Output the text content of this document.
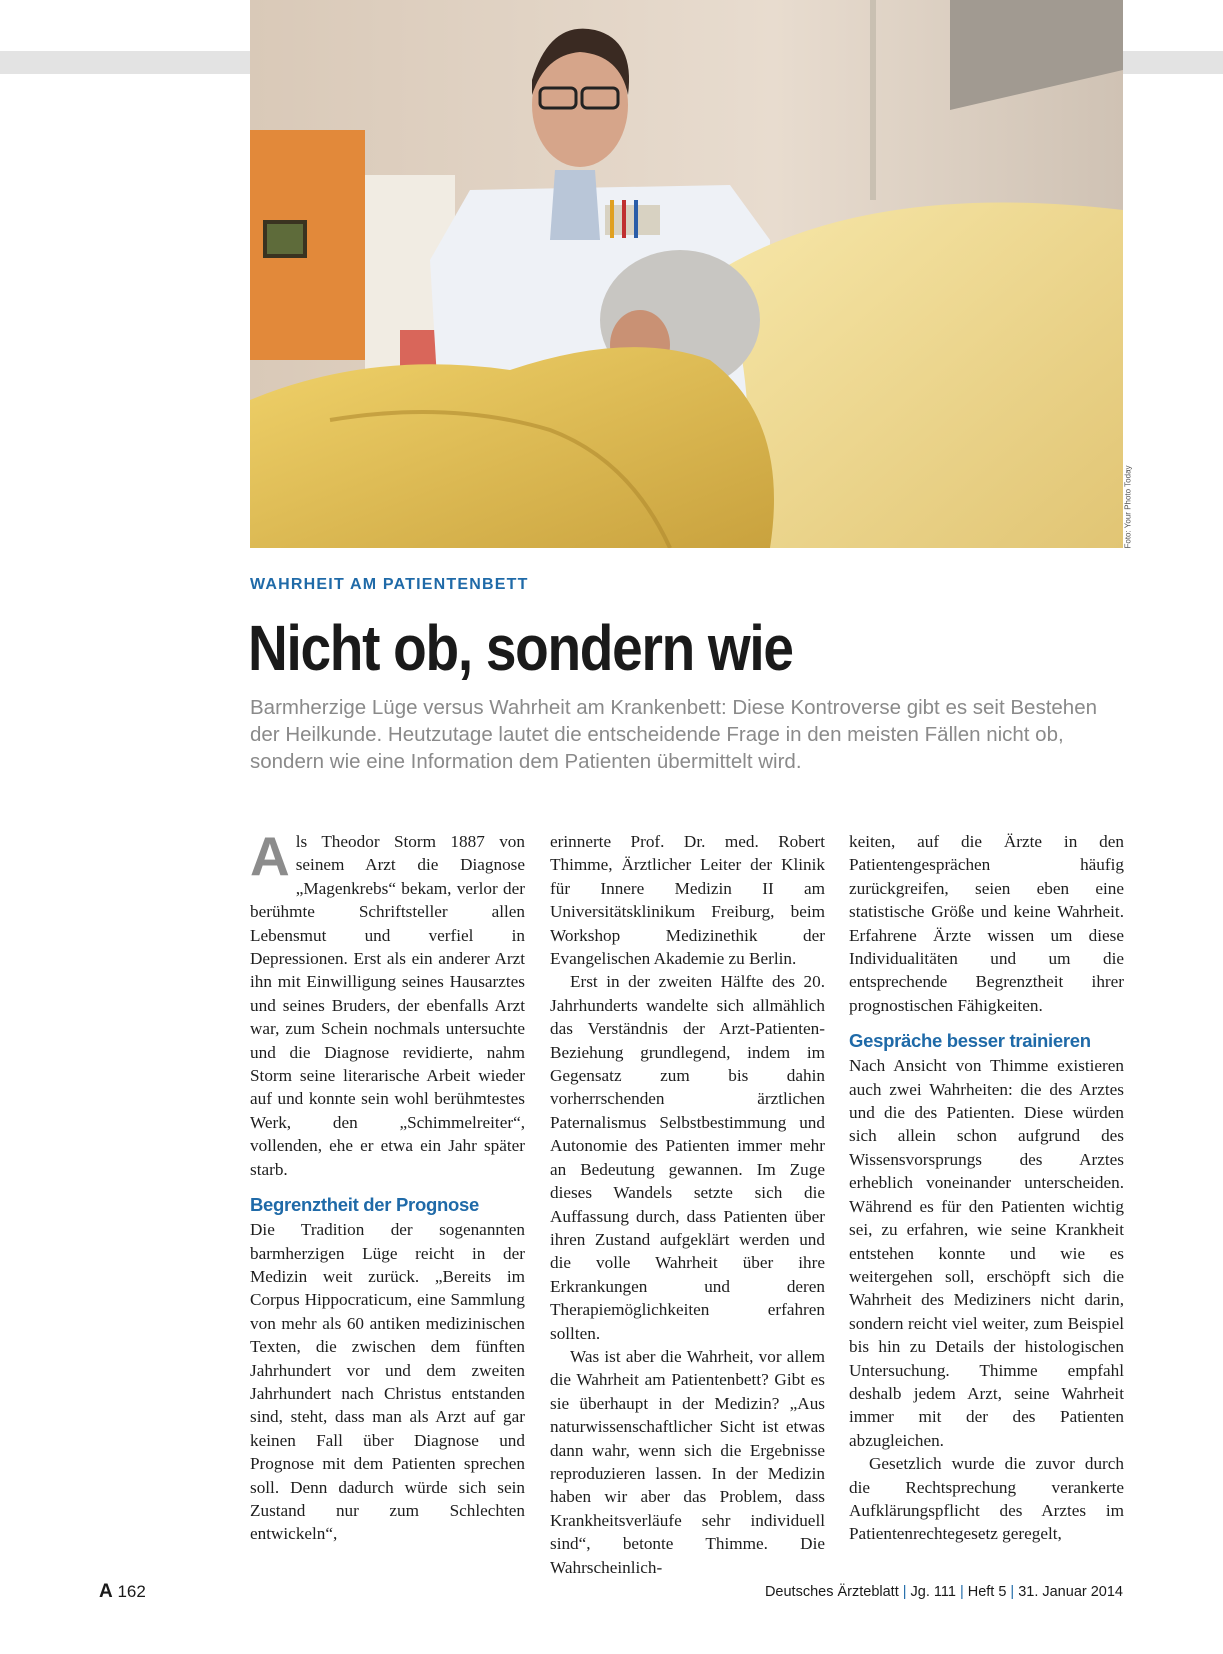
Foto: Your Photo Today
WAHRHEIT AM PATIENTENBETT
Nicht ob, sondern wie
Barmherzige Lüge versus Wahrheit am Krankenbett: Diese Kontroverse gibt es seit Bestehen der Heilkunde. Heutzutage lautet die entscheidende Frage in den meisten Fällen nicht ob, sondern wie eine Information dem Patienten übermittelt wird.

Als Theodor Storm 1887 von seinem Arzt die Diagnose „Magenkrebs“ bekam, verlor der berühmte Schriftsteller allen Lebensmut und verfiel in Depressionen. Erst als ein anderer Arzt ihn mit Einwilligung seines Hausarztes und seines Bruders, der ebenfalls Arzt war, zum Schein nochmals untersuchte und die Diagnose revidierte, nahm Storm seine literarische Arbeit wieder auf und konnte sein wohl berühmtestes Werk, den „Schimmelreiter“, vollenden, ehe er etwa ein Jahr später starb.

Begrenztheit der Prognose

Die Tradition der sogenannten barmherzigen Lüge reicht in der Medizin weit zurück. „Bereits im Corpus Hippocraticum, eine Sammlung von mehr als 60 antiken medizinischen Texten, die zwischen dem fünften Jahrhundert vor und dem zweiten Jahrhundert nach Christus entstanden sind, steht, dass man als Arzt auf gar keinen Fall über Diagnose und Prognose mit dem Patienten sprechen soll. Denn dadurch würde sich sein Zustand nur zum Schlechten entwickeln“,

erinnerte Prof. Dr. med. Robert Thimme, Ärztlicher Leiter der Klinik für Innere Medizin II am Universitätsklinikum Freiburg, beim Workshop Medizinethik der Evangelischen Akademie zu Berlin.

Erst in der zweiten Hälfte des 20. Jahrhunderts wandelte sich allmählich das Verständnis der Arzt-Patienten-Beziehung grundlegend, indem im Gegensatz zum bis dahin vorherrschenden ärztlichen Paternalismus Selbstbestimmung und Autonomie des Patienten immer mehr an Bedeutung gewannen. Im Zuge dieses Wandels setzte sich die Auffassung durch, dass Patienten über ihren Zustand aufgeklärt werden und die volle Wahrheit über ihre Erkrankungen und deren Therapiemöglichkeiten erfahren sollten.

Was ist aber die Wahrheit, vor allem die Wahrheit am Patientenbett? Gibt es sie überhaupt in der Medizin? „Aus naturwissenschaftlicher Sicht ist etwas dann wahr, wenn sich die Ergebnisse reproduzieren lassen. In der Medizin haben wir aber das Problem, dass Krankheitsverläufe sehr individuell sind“, betonte Thimme. Die Wahrscheinlich-

keiten, auf die Ärzte in den Patientengesprächen häufig zurückgreifen, seien eben eine statistische Größe und keine Wahrheit. Erfahrene Ärzte wissen um diese Individualitäten und um die entsprechende Begrenztheit ihrer prognostischen Fähigkeiten.

Gespräche besser trainieren

Nach Ansicht von Thimme existieren auch zwei Wahrheiten: die des Arztes und die des Patienten. Diese würden sich allein schon aufgrund des Wissensvorsprungs des Arztes erheblich voneinander unterscheiden. Während es für den Patienten wichtig sei, zu erfahren, wie seine Krankheit entstehen konnte und wie es weitergehen soll, erschöpft sich die Wahrheit des Mediziners nicht darin, sondern reicht viel weiter, zum Beispiel bis hin zu Details der histologischen Untersuchung. Thimme empfahl deshalb jedem Arzt, seine Wahrheit immer mit der des Patienten abzugleichen.

Gesetzlich wurde die zuvor durch die Rechtsprechung verankerte Aufklärungspflicht des Arztes im Patientenrechtegesetz geregelt,

A 162	Deutsches Ärzteblatt | Jg. 111 | Heft 5 | 31. Januar 2014
